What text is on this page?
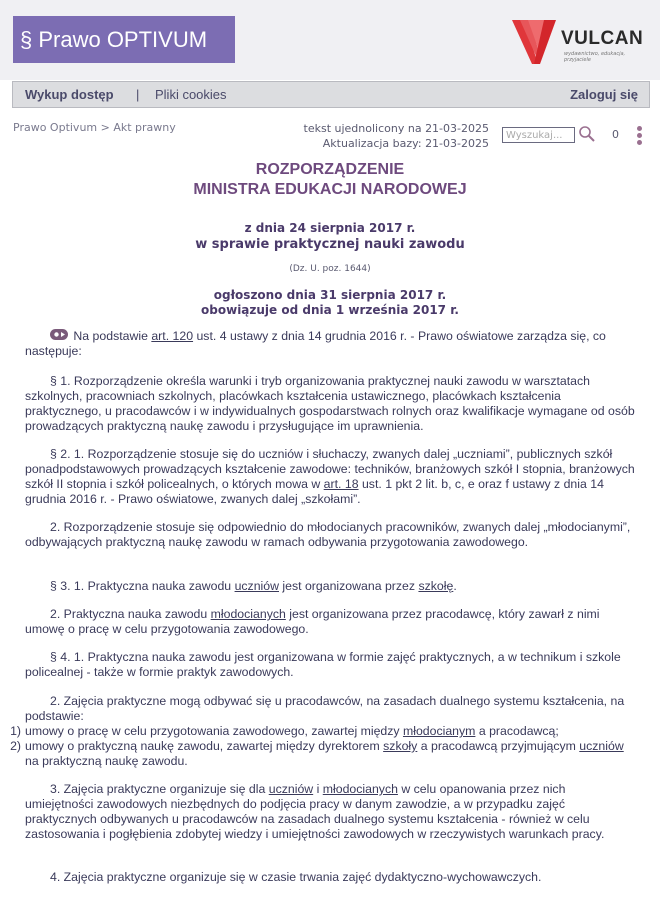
§ Prawo OPTIVUM	VULCAN
wydawnictwo, edukacja, przyjaciele
Wykup dostęp | Pliki cookies	Zaloguj się
Prawo Optivum > Akt prawny	tekst ujednolicony na 21-03-2025
Aktualizacja bazy: 21-03-2025
Wyszukaj...
0
ROZPORZĄDZENIE
MINISTRA EDUKACJI NARODOWEJ
z dnia 24 sierpnia 2017 r.
w sprawie praktycznej nauki zawodu
(Dz. U. poz. 1644)
ogłoszono dnia 31 sierpnia 2017 r.
obowiązuje od dnia 1 września 2017 r.
Na podstawie art. 120 ust. 4 ustawy z dnia 14 grudnia 2016 r. - Prawo oświatowe zarządza się, co następuje:
§ 1. Rozporządzenie określa warunki i tryb organizowania praktycznej nauki zawodu w warsztatach szkolnych, pracowniach szkolnych, placówkach kształcenia ustawicznego, placówkach kształcenia praktycznego, u pracodawców i w indywidualnych gospodarstwach rolnych oraz kwalifikacje wymagane od osób prowadzących praktyczną naukę zawodu i przysługujące im uprawnienia.
§ 2. 1. Rozporządzenie stosuje się do uczniów i słuchaczy, zwanych dalej „uczniami”, publicznych szkół ponadpodstawowych prowadzących kształcenie zawodowe: techników, branżowych szkół I stopnia, branżowych szkół II stopnia i szkół policealnych, o których mowa w art. 18 ust. 1 pkt 2 lit. b, c, e oraz f ustawy z dnia 14 grudnia 2016 r. - Prawo oświatowe, zwanych dalej „szkołami”.
2. Rozporządzenie stosuje się odpowiednio do młodocianych pracowników, zwanych dalej „młodocianymi”, odbywających praktyczną naukę zawodu w ramach odbywania przygotowania zawodowego.
§ 3. 1. Praktyczna nauka zawodu uczniów jest organizowana przez szkołę.
2. Praktyczna nauka zawodu młodocianych jest organizowana przez pracodawcę, który zawarł z nimi umowę o pracę w celu przygotowania zawodowego.
§ 4. 1. Praktyczna nauka zawodu jest organizowana w formie zajęć praktycznych, a w technikum i szkole policealnej - także w formie praktyk zawodowych.
2. Zajęcia praktyczne mogą odbywać się u pracodawców, na zasadach dualnego systemu kształcenia, na podstawie:
1) umowy o pracę w celu przygotowania zawodowego, zawartej między młodocianym a pracodawcą;
2) umowy o praktyczną naukę zawodu, zawartej między dyrektorem szkoły a pracodawcą przyjmującym uczniów na praktyczną naukę zawodu.
3. Zajęcia praktyczne organizuje się dla uczniów i młodocianych w celu opanowania przez nich umiejętności zawodowych niezbędnych do podjęcia pracy w danym zawodzie, a w przypadku zajęć praktycznych odbywanych u pracodawców na zasadach dualnego systemu kształcenia - również w celu zastosowania i pogłębienia zdobytej wiedzy i umiejętności zawodowych w rzeczywistych warunkach pracy.
4. Zajęcia praktyczne organizuje się w czasie trwania zajęć dydaktyczno-wychowawczych.
